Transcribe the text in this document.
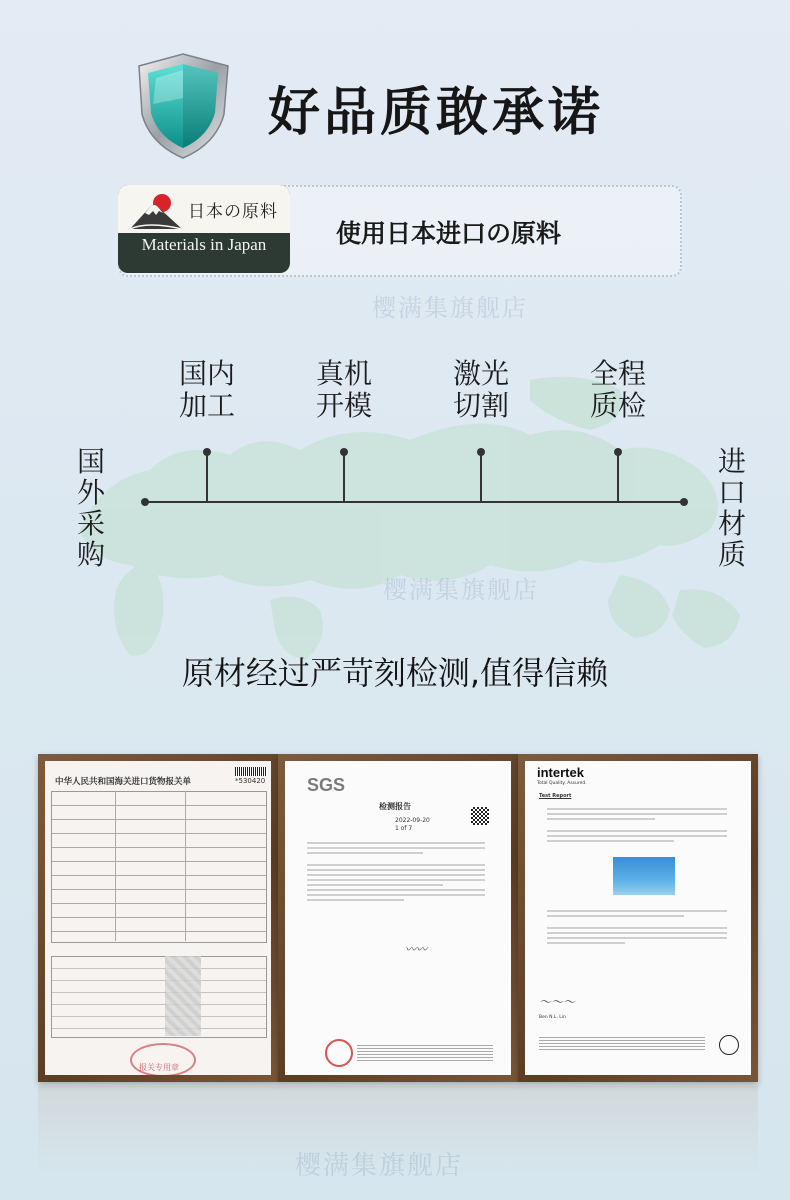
好品质敢承诺
日本の原料
Materials in Japan	使用日本进口の原料
樱满集旗舰店
樱满集旗舰店
国
外
采
购
进
口
材
质
国内
加工
真机
开模
激光
切割
全程
质检
原材经过严苛刻检测,值得信赖
中华人民共和国海关进口货物报关单	*530420
报关专用章
SGS
检测报告
2022-09-20
1 of 7
〰〰
intertek
Total Quality. Assured.
Test Report
〜〜〜
Ben N.L. Lin
樱满集旗舰店
